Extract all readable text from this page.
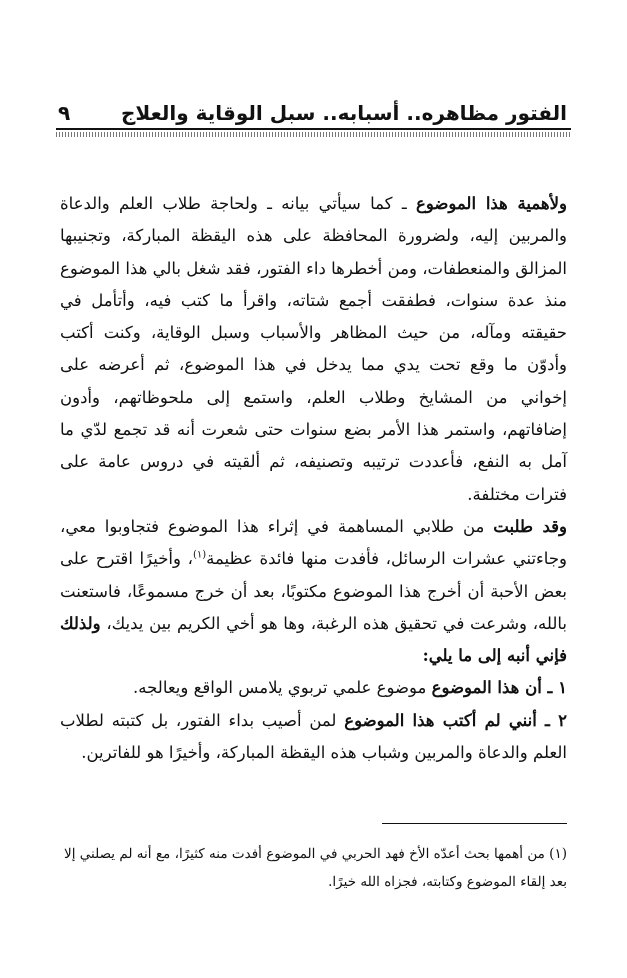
الفتور مظاهره.. أسبابه.. سبل الوقاية والعلاج
٩

ولأهمية هذا الموضوع ـ كما سيأتي بيانه ـ ولحاجة طلاب العلم والدعاة والمربين إليه، ولضرورة المحافظة على هذه اليقظة المباركة، وتجنيبها المزالق والمنعطفات، ومن أخطرها داء الفتور، فقد شغل بالي هذا الموضوع منذ عدة سنوات، فطفقت أجمع شتاته، واقرأ ما كتب فيه، وأتأمل في حقيقته ومآله، من حيث المظاهر والأسباب وسبل الوقاية، وكنت أكتب وأدوّن ما وقع تحت يدي مما يدخل في هذا الموضوع، ثم أعرضه على إخواني من المشايخ وطلاب العلم، واستمع إلى ملحوظاتهم، وأدون إضافاتهم، واستمر هذا الأمر بضع سنوات حتى شعرت أنه قد تجمع لدّي ما آمل به النفع، فأعددت ترتيبه وتصنيفه، ثم ألقيته في دروس عامة على فترات مختلفة.

وقد طلبت من طلابي المساهمة في إثراء هذا الموضوع فتجاوبوا معي، وجاءتني عشرات الرسائل، فأفدت منها فائدة عظيمة$^{(١)}$، وأخيرًا اقترح على بعض الأحبة أن أخرج هذا الموضوع مكتوبًا، بعد أن خرج مسموعًا، فاستعنت بالله، وشرعت في تحقيق هذه الرغبة، وها هو أخي الكريم بين يديك، ولذلك فإني أنبه إلى ما يلي:

١ ـ أن هذا الموضوع موضوع علمي تربوي يلامس الواقع ويعالجه.

٢ ـ أنني لم أكتب هذا الموضوع لمن أصيب بداء الفتور، بل كتبته لطلاب العلم والدعاة والمربين وشباب هذه اليقظة المباركة، وأخيرًا هو للفاترين.

(١) من أهمها بحث أعدّه الأخ فهد الحربي في الموضوع أفدت منه كثيرًا، مع أنه لم يصلني إلا بعد إلقاء الموضوع وكتابته، فجزاه الله خيرًا.
